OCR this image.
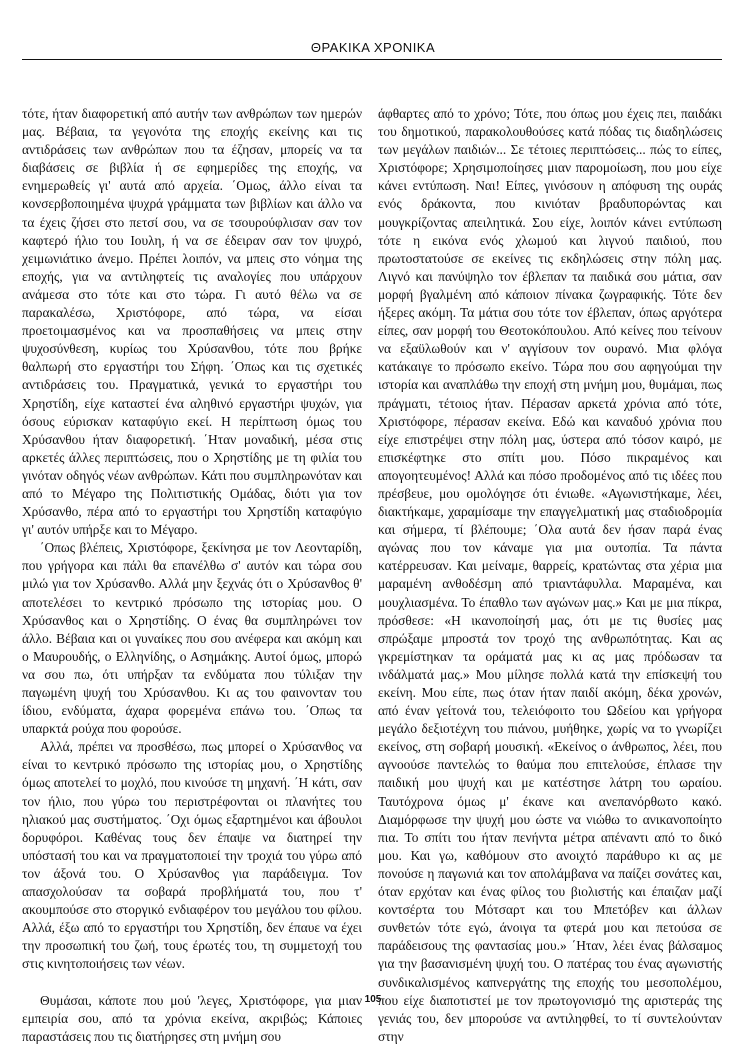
ΘΡΑΚΙΚΑ ΧΡΟΝΙΚΑ

τότε, ήταν διαφορετική από αυτήν των ανθρώπων των ημερών μας. Βέβαια, τα γεγονότα της εποχής εκείνης και τις αντιδράσεις των ανθρώπων που τα έζησαν, μπορείς να τα διαβάσεις σε βιβλία ή σε εφημερίδες της εποχής, να ενημερωθείς γι' αυτά από αρχεία. ΄Ομως, άλλο είναι τα κονσερβοποιημένα ψυχρά γράμματα των βιβλίων και άλλο να τα έχεις ζήσει στο πετσί σου, να σε τσουρούφλισαν σαν τον καφτερό ήλιο του Ιουλη, ή να σε έδειραν σαν τον ψυχρό, χειμωνιάτικο άνεμο. Πρέπει λοιπόν, να μπεις στο νόημα της εποχής, για να αντιληφτείς τις αναλογίες που υπάρχουν ανάμεσα στο τότε και στο τώρα. Γι αυτό θέλω να σε παρακαλέσω, Χριστόφορε, από τώρα, να είσαι προετοιμασμένος και να προσπαθήσεις να μπεις στην ψυχοσύνθεση, κυρίως του Χρύσανθου, τότε που βρήκε θαλπωρή στο εργαστήρι του Σήφη. ΄Οπως και τις σχετικές αντιδράσεις του. Πραγματικά, γενικά το εργαστήρι του Χρηστίδη, είχε καταστεί ένα αληθινό εργαστήρι ψυχών, για όσους εύρισκαν καταφύγιο εκεί. Η περίπτωση όμως του Χρύσανθου ήταν διαφορετική. ΄Ηταν μοναδική, μέσα στις αρκετές άλλες περιπτώσεις, που ο Χρηστίδης με τη φιλία του γινόταν οδηγός νέων ανθρώπων. Κάτι που συμπληρωνόταν και από το Μέγαρο της Πολιτιστικής Ομάδας, διότι για τον Χρύσανθο, πέρα από το εργαστήρι του Χρηστίδη καταφύγιο γι' αυτόν υπήρξε και το Μέγαρο.

΄Οπως βλέπεις, Χριστόφορε, ξεκίνησα με τον Λεονταρίδη, που γρήγορα και πάλι θα επανέλθω σ' αυτόν και τώρα σου μιλώ για τον Χρύσανθο. Αλλά μην ξεχνάς ότι ο Χρύσανθος θ' αποτελέσει το κεντρικό πρόσωπο της ιστορίας μου. Ο Χρύσανθος και ο Χρηστίδης. Ο ένας θα συμπληρώνει τον άλλο. Βέβαια και οι γυναίκες που σου ανέφερα και ακόμη και ο Μαυρουδής, ο Ελληνίδης, ο Ασημάκης. Αυτοί όμως, μπορώ να σου πω, ότι υπήρξαν τα ενδύματα που τύλιξαν την παγωμένη ψυχή του Χρύσανθου. Κι ας του φαινονταν του ίδιου, ενδύματα, άχαρα φορεμένα επάνω του. ΄Οπως τα υπαρκτά ρούχα που φορούσε.

Αλλά, πρέπει να προσθέσω, πως μπορεί ο Χρύσανθος να είναι το κεντρικό πρόσωπο της ιστορίας μου, ο Χρηστίδης όμως αποτελεί το μοχλό, που κινούσε τη μηχανή. ΄Η κάτι, σαν τον ήλιο, που γύρω του περιστρέφονται οι πλανήτες του ηλιακού μας συστήματος. ΄Οχι όμως εξαρτημένοι και άβουλοι δορυφόροι. Καθένας τους δεν έπαψε να διατηρεί την υπόστασή του και να πραγματοποιεί την τροχιά του γύρω από τον άξονά του. Ο Χρύσανθος για παράδειγμα. Τον απασχολούσαν τα σοβαρά προβλήματά του, που τ' ακουμπούσε στο στοργικό ενδιαφέρον του μεγάλου του φίλου. Αλλά, έξω από το εργαστήρι του Χρηστίδη, δεν έπαυε να έχει την προσωπική του ζωή, τους έρωτές του, τη συμμετοχή του στις κινητοποιήσεις των νέων.

Θυμάσαι, κάποτε που μού 'λεγες, Χριστόφορε, για μιαν εμπειρία σου, από τα χρόνια εκείνα, ακριβώς; Κάποιες παραστάσεις που τις διατήρησες στη μνήμη σου

άφθαρτες από το χρόνο; Τότε, που όπως μου έχεις πει, παιδάκι του δημοτικού, παρακολουθούσες κατά πόδας τις διαδηλώσεις των μεγάλων παιδιών... Σε τέτοιες περιπτώσεις... πώς το είπες, Χριστόφορε; Χρησιμοποίησες μιαν παρομοίωση, που μου είχε κάνει εντύπωση. Ναι! Είπες, γινόσουν η απόφυση της ουράς ενός δράκοντα, που κινιόταν βραδυπορώντας και μουγκρίζοντας απειλητικά. Σου είχε, λοιπόν κάνει εντύπωση τότε η εικόνα ενός χλωμού και λιγνού παιδιού, που πρωτοστατούσε σε εκείνες τις εκδηλώσεις στην πόλη μας. Λιγνό και πανύψηλο τον έβλεπαν τα παιδικά σου μάτια, σαν μορφή βγαλμένη από κάποιον πίνακα ζωγραφικής. Τότε δεν ήξερες ακόμη. Τα μάτια σου τότε τον έβλεπαν, όπως αργότερα είπες, σαν μορφή του Θεοτοκόπουλου. Από κείνες που τείνουν να εξαϋλωθούν και ν' αγγίσουν τον ουρανό. Μια φλόγα κατάκαιγε το πρόσωπο εκείνο. Τώρα που σου αφηγούμαι την ιστορία και αναπλάθω την εποχή στη μνήμη μου, θυμάμαι, πως πράγματι, τέτοιος ήταν. Πέρασαν αρκετά χρόνια από τότε, Χριστόφορε, πέρασαν εκείνα. Εδώ και καναδυό χρόνια που είχε επιστρέψει στην πόλη μας, ύστερα από τόσον καιρό, με επισκέφτηκε στο σπίτι μου. Πόσο πικραμένος και απογοητευμένος! Αλλά και πόσο προδομένος από τις ιδέες που πρέσβευε, μου ομολόγησε ότι ένιωθε. «Αγωνιστήκαμε, λέει, διακτήκαμε, χαραμίσαμε την επαγγελματική μας σταδιοδρομία και σήμερα, τί βλέπουμε; ΄Ολα αυτά δεν ήσαν παρά ένας αγώνας που τον κάναμε για μια ουτοπία. Τα πάντα κατέρρευσαν. Και μείναμε, θαρρείς, κρατώντας στα χέρια μια μαραμένη ανθοδέσμη από τριαντάφυλλα. Μαραμένα, και μουχλιασμένα. Το έπαθλο των αγώνων μας.» Και με μια πίκρα, πρόσθεσε: «Η ικανοποίησή μας, ότι με τις θυσίες μας σπρώξαμε μπροστά τον τροχό της ανθρωπότητας. Και ας γκρεμίστηκαν τα οράματά μας κι ας μας πρόδωσαν τα ινδάλματά μας.» Μου μίλησε πολλά κατά την επίσκεψή του εκείνη. Μου είπε, πως όταν ήταν παιδί ακόμη, δέκα χρονών, από έναν γείτονά του, τελειόφοιτο του Ωδείου και γρήγορα μεγάλο δεξιοτέχνη του πιάνου, μυήθηκε, χωρίς να το γνωρίζει εκείνος, στη σοβαρή μουσική. «Εκείνος ο άνθρωπος, λέει, που αγνοούσε παντελώς το θαύμα που επιτελούσε, έπλασε την παιδική μου ψυχή και με κατέστησε λάτρη του ωραίου. Ταυτόχρονα όμως μ' έκανε και ανεπανόρθωτο κακό. Διαμόρφωσε την ψυχή μου ώστε να νιώθω το ανικανοποίητο πια. Το σπίτι του ήταν πενήντα μέτρα απέναντι από το δικό μου. Και γω, καθόμουν στο ανοιχτό παράθυρο κι ας με πονούσε η παγωνιά και τον απολάμβανα να παίζει σονάτες και, όταν ερχόταν και ένας φίλος του βιολιστής και έπαιζαν μαζί κοντσέρτα του Μότσαρτ και του Μπετόβεν και άλλων συνθετών τότε εγώ, άνοιγα τα φτερά μου και πετούσα σε παράδεισους της φαντασίας μου.» ΄Ηταν, λέει ένας βάλσαμος για την βασανισμένη ψυχή του. Ο πατέρας του ένας αγωνιστής συνδικαλισμένος καπνεργάτης της εποχής του μεσοπολέμου, που είχε διαποτιστεί με τον πρωτογονισμό της αριστεράς της γενιάς του, δεν μπορούσε να αντιληφθεί, το τί συντελούνταν στην

105
